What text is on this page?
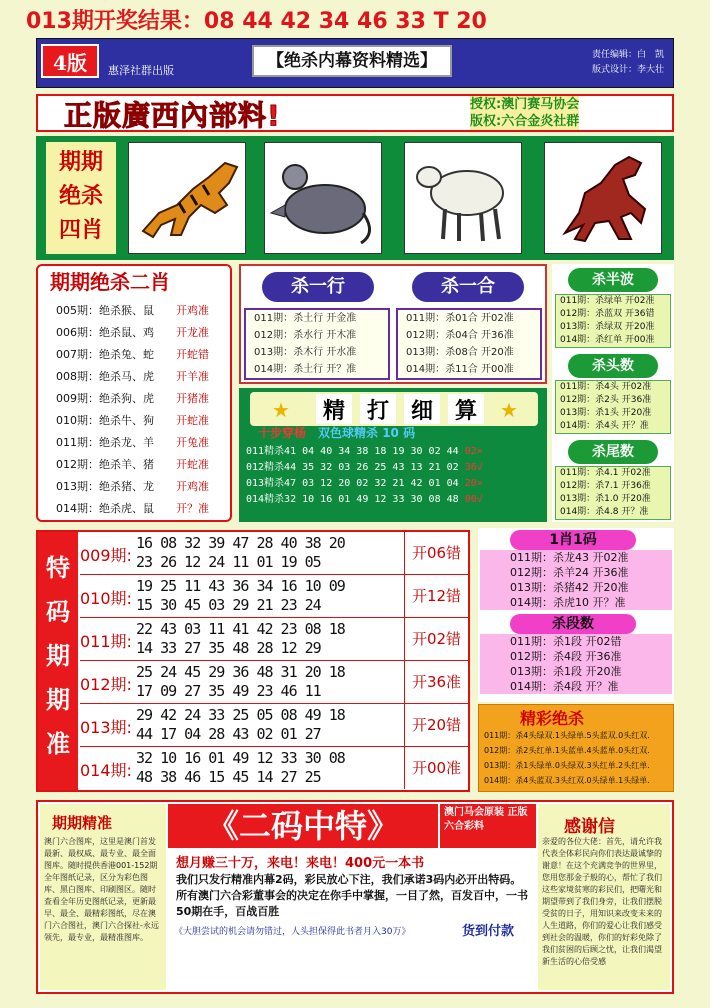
013期开奖结果：08 44 42 34 46 33 T 20
4版	惠泽社群出版	【绝杀内幕资料精选】	责任编辑：白　凯
版式设计：李大壮
正版廣西內部料!	授权:澳门赛马协会
版权:六合金炎社群
期期
绝杀
四肖
期期绝杀二肖
005期：绝杀猴、鼠　　 开鸡准
006期：绝杀鼠、鸡　　 开龙准
007期：绝杀兔、蛇　　 开蛇错
008期：绝杀马、虎　　 开羊准
009期：绝杀狗、虎　　 开猪准
010期：绝杀牛、狗　　 开蛇准
011期：绝杀龙、羊　　 开兔准
012期：绝杀羊、猪　　 开蛇准
013期：绝杀猪、龙　　 开鸡准
014期：绝杀虎、鼠　　 开？准
杀一行	杀一合
011期：杀土行 开金准
012期：杀水行 开木准
013期：杀木行 开水准
014期：杀土行 开？准
011期：杀01合 开02准
012期：杀04合 开36准
013期：杀08合 开20准
014期：杀11合 开00准
★	精 打 细 算	★
十步穿杨　 双色球精杀 10 码
011精杀41 04 40 34 38 18 19 30 02 44 02×
012精杀44 35 32 03 26 25 43 13 21 02 36√
013精杀47 03 12 20 02 32 21 42 01 04 20×
014精杀32 10 16 01 49 12 33 30 08 48 00√
杀半波
011期：杀绿单 开02准
012期：杀蓝双 开36错
013期：杀绿双 开20准
014期：杀红单 开00准
杀头数
011期：杀4头 开02准
012期：杀2头 开36准
013期：杀1头 开20准
014期：杀4头 开？准
杀尾数
011期：杀4.1 开02准
012期：杀7.1 开36准
013期：杀1.0 开20准
014期：杀4.8 开？准
特
码
期
期
准
009期:
16 08 32 39 47 28 40 38 20
23 26 12 24 11 01 19 05	开06错
010期:
19 25 11 43 36 34 16 10 09
15 30 45 03 29 21 23 24	开12错
011期:
22 43 03 11 41 42 23 08 18
14 33 27 35 48 28 12 29	开02错
012期:
25 24 45 29 36 48 31 20 18
17 09 27 35 49 23 46 11	开36准
013期:
29 42 24 33 25 05 08 49 18
44 17 04 28 43 02 01 27	开20错
014期:
32 10 16 01 49 12 33 30 08
48 38 46 15 45 14 27 25	开00准
1肖1码
011期：杀龙43 开02准
012期：杀羊24 开36准
013期：杀猪42 开20准
014期：杀虎10 开？准
杀段数
011期：杀1段 开02错
012期：杀4段 开36准
013期：杀1段 开20准
014期：杀4段 开？准
精彩绝杀
011期：杀4头绿双.1头绿单.5头蓝双.0头红双.
012期：杀2头红单.1头蓝单.4头蓝单.0头红双.
013期：杀1头绿单.0头绿双.3头红单.2头红单.
014期：杀4头蓝双.3头红双.0头绿单.1头绿单.
期期精准
澳门六合图库，这里是澳门首发最新、最权威、最专业、最全面图库。随时提供香港001-152期全年图纸记录，区分为彩色图库、黑白图库、印刷图区。随时查看全年历史图纸记录，更新最早、最全、最精彩图纸，尽在澳门六合图社，澳门六合探社-永远领先，最专业，最精准图库。
《二码中特》	澳门马会原装 正版六合彩料
想月赚三十万，来电！来电！400元一本书
我们只发行精准内幕2码，彩民放心下注，我们承诺3码内必开出特码。所有澳门六合彩董事会的决定在你手中掌握，一目了然，百发百中，一书50期在手，百战百胜
《大胆尝试的机会请勿错过，人头担保得此书者月入30万》	货到付款
感谢信
亲爱的各位大佬：首先，请允许我代表全体彩民向你们表达最诚挚的谢意！在这个充满竞争的世界里，您用您那金子般的心，帮忙了我们这些家境贫寒的彩民们，把曙光和期望带到了我们身旁，让我们摆脱受贫的日子，用知识来改变未来的人生道路，你们的爱心让我们感受到社会的温暖，你们的好彩免除了我们贫困的后顾之忧，让我们渴望新生活的心倍受感
